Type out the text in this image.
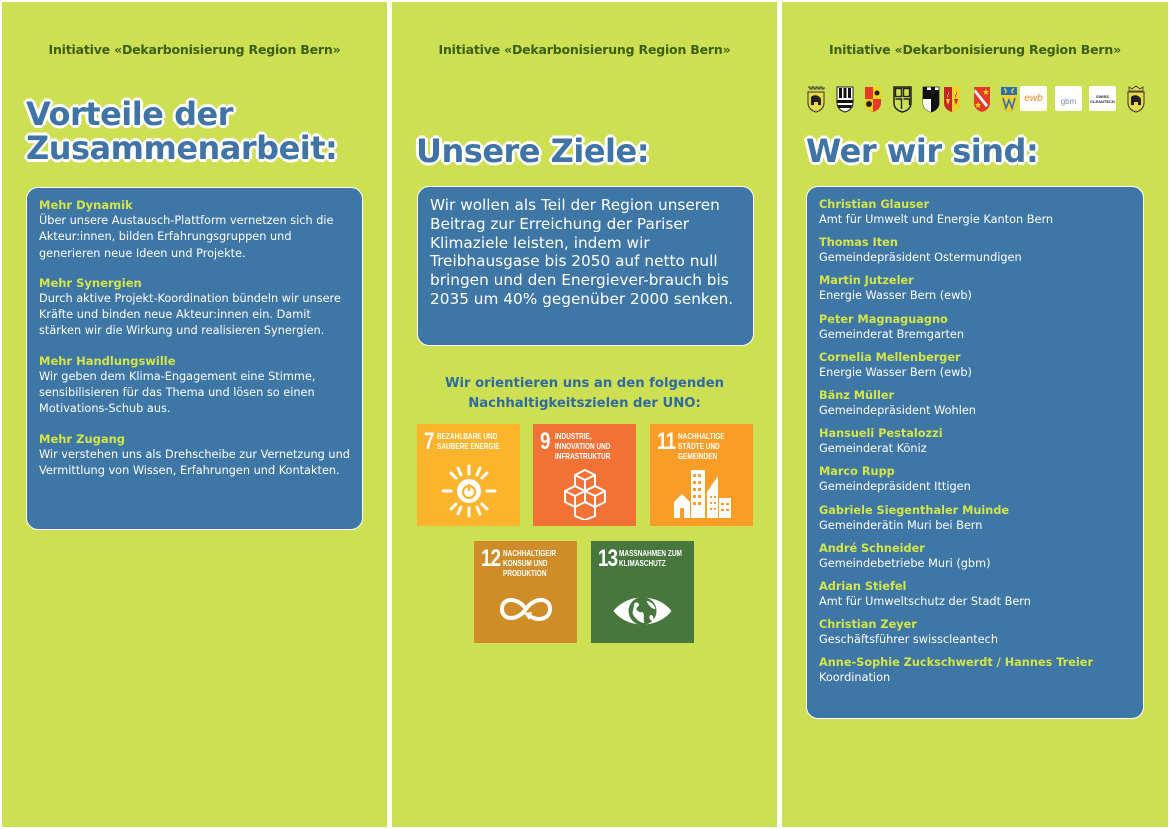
Initiative «Dekarbonisierung Region Bern»
Vorteile der
Zusammenarbeit:
Mehr Dynamik
Über unsere Austausch-Plattform vernetzen sich die Akteur:innen, bilden Erfahrungsgruppen und generieren neue Ideen und Projekte.
Mehr Synergien
Durch aktive Projekt-Koordination bündeln wir unsere Kräfte und binden neue Akteur:innen ein. Damit stärken wir die Wirkung und realisieren Synergien.
Mehr Handlungswille
Wir geben dem Klima-Engagement eine Stimme, sensibilisieren für das Thema und lösen so einen Motivations-Schub aus.
Mehr Zugang
Wir verstehen uns als Drehscheibe zur Vernetzung und Vermittlung von Wissen, Erfahrungen und Kontakten.
Initiative «Dekarbonisierung Region Bern»
Unsere Ziele:

Wir wollen als Teil der Region unseren Beitrag zur Erreichung der Pariser Klimaziele leisten, indem wir Treibhausgase bis 2050 auf netto null bringen und den Energiever-brauch bis 2035 um 40% gegenüber 2000 senken.

Wir orientieren uns an den folgenden
Nachhaltigkeitszielen der UNO:
7 BEZAHLBARE UND SAUBERE ENERGIE	9 INDUSTRIE, INNOVATION UND INFRASTRUKTUR
11 NACHHALTIGE STÄDTE UND GEMEINDEN
12 NACHHALTIGE/R KONSUM UND PRODUKTION
13 MASSNAHMEN ZUM KLIMASCHUTZ
Initiative «Dekarbonisierung Region Bern»
ewb gbm
SWISS
CLEANTECH
Wer wir sind:
Christian Glauser
Amt für Umwelt und Energie Kanton Bern
Thomas Iten
Gemeindepräsident Ostermundigen
Martin Jutzeler
Energie Wasser Bern (ewb)
Peter Magnaguagno
Gemeinderat Bremgarten
Cornelia Mellenberger
Energie Wasser Bern (ewb)
Bänz Müller
Gemeindepräsident Wohlen
Hansueli Pestalozzi
Gemeinderat Köniz
Marco Rupp
Gemeindepräsident Ittigen
Gabriele Siegenthaler Muinde
Gemeinderätin Muri bei Bern
André Schneider
Gemeindebetriebe Muri (gbm)
Adrian Stiefel
Amt für Umweltschutz der Stadt Bern
Christian Zeyer
Geschäftsführer swisscleantech
Anne-Sophie Zuckschwerdt / Hannes Treier
Koordination
